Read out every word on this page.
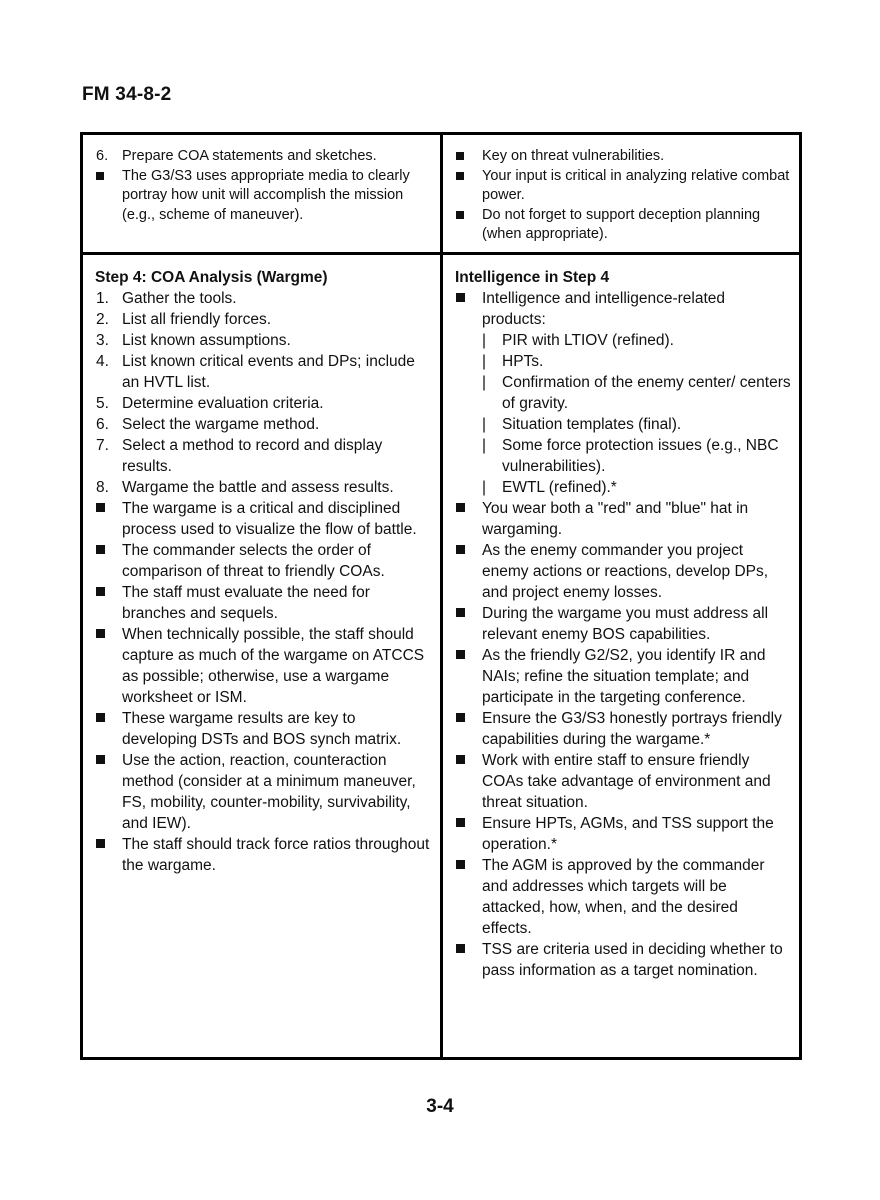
FM 34-8-2
6. Prepare COA statements and sketches.
The G3/S3 uses appropriate media to clearly portray how unit will accomplish the mission (e.g., scheme of maneuver).
Key on threat vulnerabilities.
Your input is critical in analyzing relative combat power.
Do not forget to support deception planning (when appropriate).
Step 4: COA Analysis (Wargme)
1. Gather the tools.
2. List all friendly forces.
3. List known assumptions.
4. List known critical events and DPs; include an HVTL list.
5. Determine evaluation criteria.
6. Select the wargame method.
7. Select a method to record and display results.
8. Wargame the battle and assess results.
The wargame is a critical and disciplined process used to visualize the flow of battle.
The commander selects the order of comparison of threat to friendly COAs.
The staff must evaluate the need for branches and sequels.
When technically possible, the staff should capture as much of the wargame on ATCCS as possible; otherwise, use a wargame worksheet or ISM.
These wargame results are key to developing DSTs and BOS synch matrix.
Use the action, reaction, counteraction method (consider at a minimum maneuver, FS, mobility, counter-mobility, survivability, and IEW).
The staff should track force ratios throughout the wargame.
Intelligence in Step 4
Intelligence and intelligence-related products:
| PIR with LTIOV (refined).
| HPTs.
| Confirmation of the enemy center/ centers of gravity.
| Situation templates (final).
| Some force protection issues (e.g., NBC vulnerabilities).
| EWTL (refined).*
You wear both a "red" and "blue" hat in wargaming.
As the enemy commander you project enemy actions or reactions, develop DPs, and project enemy losses.
During the wargame you must address all relevant enemy BOS capabilities.
As the friendly G2/S2, you identify IR and NAIs; refine the situation template; and participate in the targeting conference.
Ensure the G3/S3 honestly portrays friendly capabilities during the wargame.*
Work with entire staff to ensure friendly COAs take advantage of environment and threat situation.
Ensure HPTs, AGMs, and TSS support the operation.*
The AGM is approved by the commander and addresses which targets will be attacked, how, when, and the desired effects.
TSS are criteria used in deciding whether to pass information as a target nomination.
3-4
